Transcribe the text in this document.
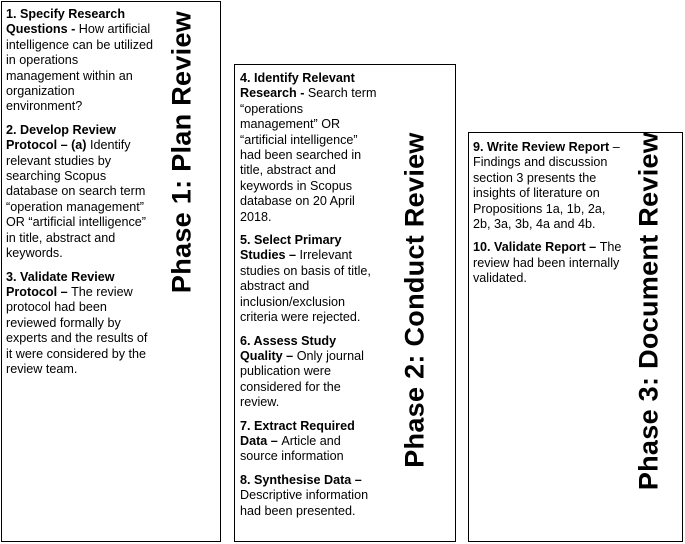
1. Specify Research Questions - How artificial intelligence can be utilized in operations management within an organization environment?

2. Develop Review Protocol – (a) Identify relevant studies by searching Scopus database on search term “operation management” OR “artificial intelligence” in title, abstract and keywords.

3. Validate Review Protocol – The review protocol had been reviewed formally by experts and the results of it were considered by the review team.

Phase 1: Plan Review	4. Identify Relevant Research - Search term “operations management” OR “artificial intelligence” had been searched in title, abstract and keywords in Scopus database on 20 April 2018.

5. Select Primary Studies – Irrelevant studies on basis of title, abstract and inclusion/exclusion criteria were rejected.

6. Assess Study Quality – Only journal publication were considered for the review.

7. Extract Required Data – Article and source information

8. Synthesise Data – Descriptive information had been presented.

Phase 2: Conduct Review	9. Write Review Report – Findings and discussion section 3 presents the insights of literature on Propositions 1a, 1b, 2a, 2b, 3a, 3b, 4a and 4b.

10. Validate Report – The review had been internally validated.	Phase 3: Document Review
